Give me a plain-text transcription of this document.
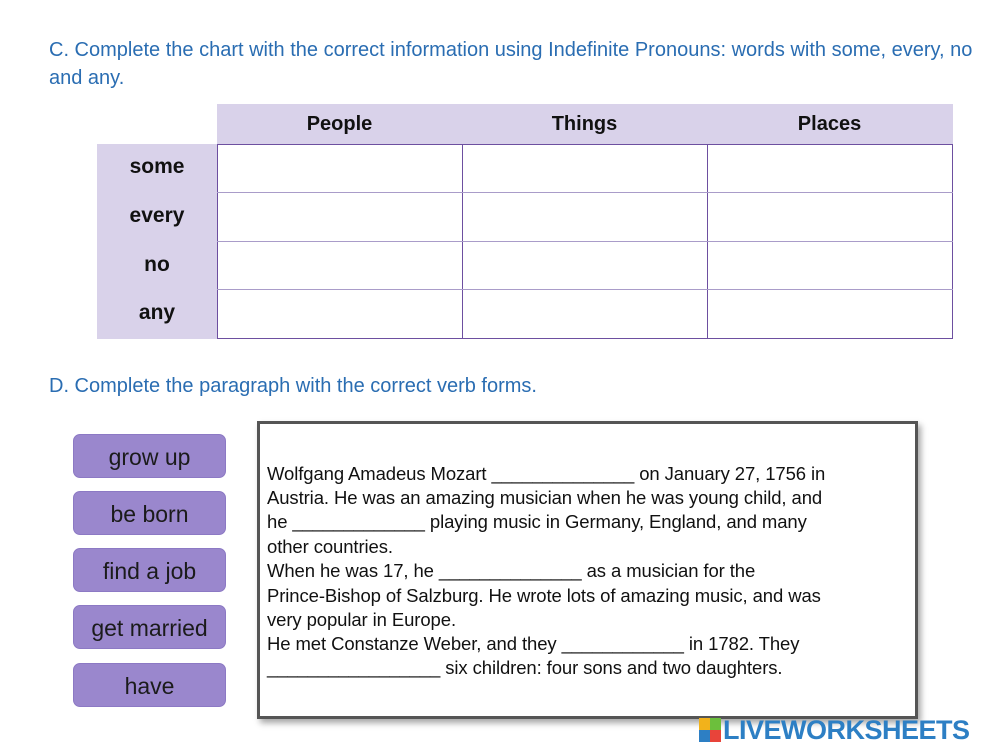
C. Complete the chart with the correct information using Indefinite Pronouns: words with some, every, no and any.

People	Things	Places
some
every
no
any

D. Complete the paragraph with the correct verb forms.

grow up
be born
find a job
get married
have
Wolfgang Amadeus Mozart ______________ on January 27, 1756 in
Austria. He was an amazing musician when he was young child, and
he _____________ playing music in Germany, England, and many
other countries.
When he was 17, he ______________ as a musician for the
Prince-Bishop of Salzburg. He wrote lots of amazing music, and was
very popular in Europe.
He met Constanze Weber, and they ____________ in 1782. They
_________________ six children: four sons and two daughters.
LIVEWORKSHEETS
